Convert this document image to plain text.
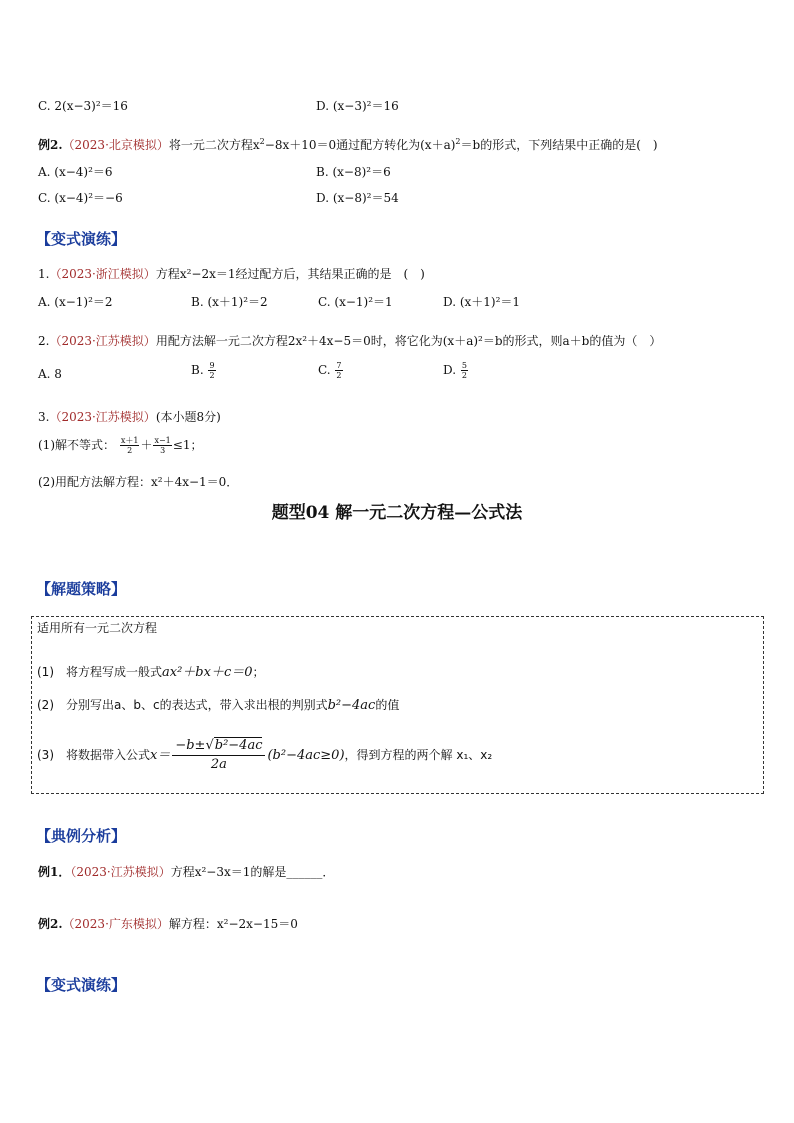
C. 2(x−3)²＝16	D. (x−3)²＝16
例2.（2023·北京模拟）将一元二次方程$x^2-8x+10=0$通过配方转化为$(x+a)^2=b$的形式，下列结果中正确的是(　)
A. (x−4)²＝6	B. (x−8)²＝6
C. (x−4)²＝−6	D. (x−8)²＝54
【变式演练】
1.（2023·浙江模拟）方程x²−2x＝1经过配方后，其结果正确的是　(　)
A. (x−1)²＝2	B. (x＋1)²＝2	C. (x−1)²＝1	D. (x＋1)²＝1
2.（2023·江苏模拟）用配方法解一元二次方程2x²＋4x−5＝0时，将它化为(x＋a)²＝b的形式，则a＋b的值为（　）
A. 8	B. $\frac{9}{2}$	C. $\frac{7}{2}$	D. $\frac{5}{2}$
3.（2023·江苏模拟）(本小题8分)
(1)解不等式： $\frac{x+1}{2} + \frac{x-1}{3} \le 1$；
(2)用配方法解方程：x²＋4x−1＝0．
题型04 解一元二次方程—公式法
【解题策略】
适用所有一元二次方程
(1)　将方程写成一般式ax²＋bx＋c＝0；
(2)　分别写出a、b、c的表达式，带入求出根的判别式b²−4ac的值
(3)　将数据带入公式$x= \frac{\text{−b±√b²−4ac}}{2a} (b^2-4ac\ge 0)$，得到方程的两个解 x₁、x₂
【典例分析】
例1．（2023·江苏模拟）方程x²−3x＝1的解是______．
例2.（2023·广东模拟）解方程：x²−2x−15＝0
【变式演练】
